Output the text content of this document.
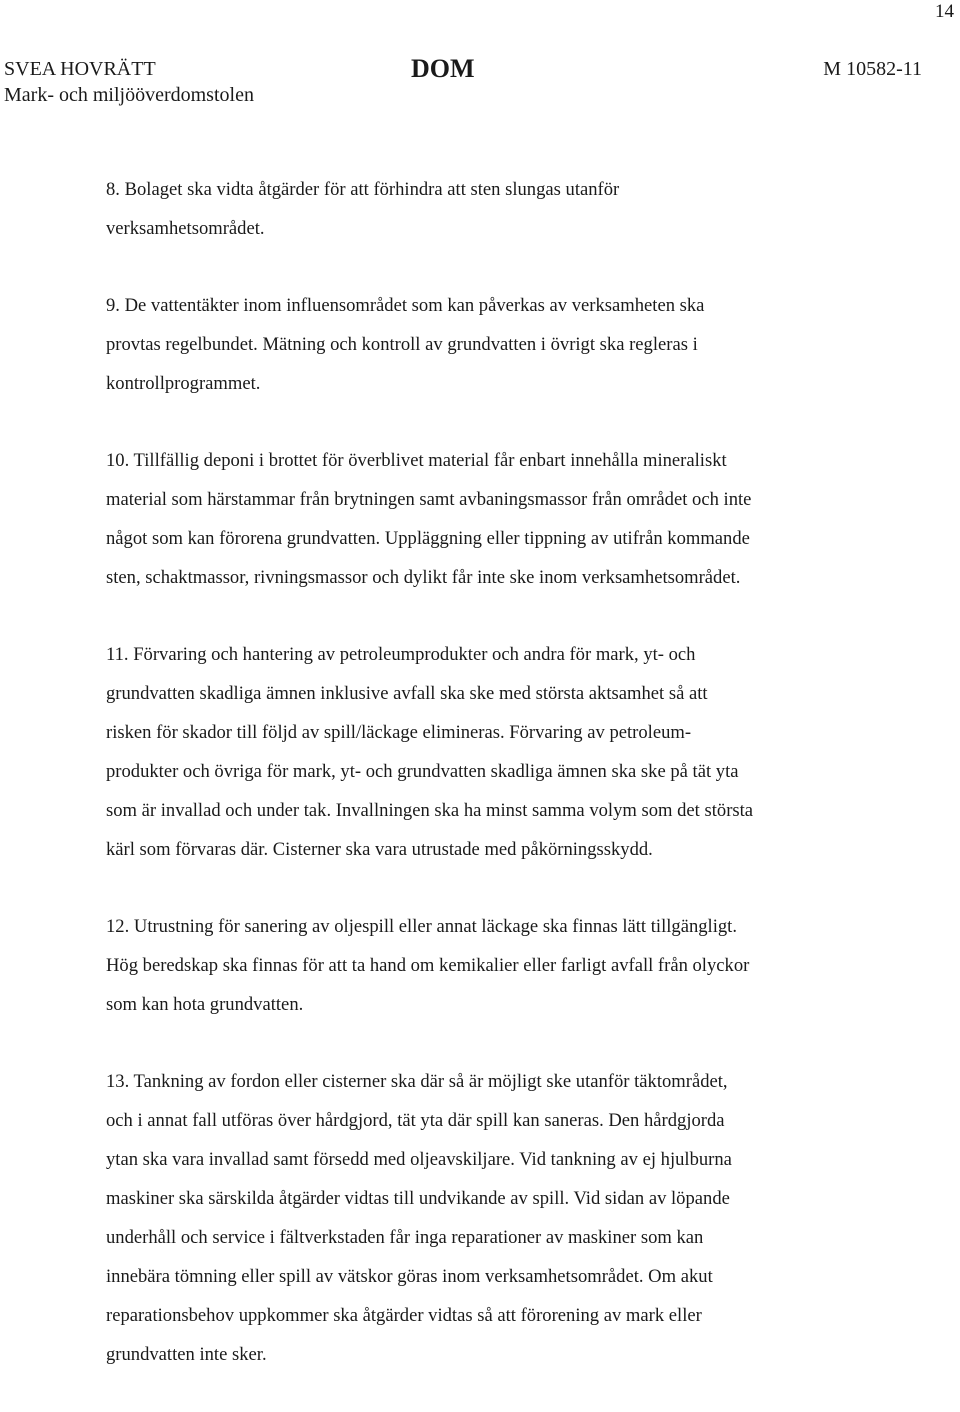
14
SVEA HOVRÄTT
Mark- och miljööverdomstolen
DOM	M 10582-11
8. Bolaget ska vidta åtgärder för att förhindra att sten slungas utanför
verksamhetsområdet.
9. De vattentäkter inom influensområdet som kan påverkas av verksamheten ska
provtas regelbundet. Mätning och kontroll av grundvatten i övrigt ska regleras i
kontrollprogrammet.
10. Tillfällig deponi i brottet för överblivet material får enbart innehålla mineraliskt
material som härstammar från brytningen samt avbaningsmassor från området och inte
något som kan förorena grundvatten. Uppläggning eller tippning av utifrån kommande
sten, schaktmassor, rivningsmassor och dylikt får inte ske inom verksamhetsområdet.
11. Förvaring och hantering av petroleumprodukter och andra för mark, yt- och
grundvatten skadliga ämnen inklusive avfall ska ske med största aktsamhet så att
risken för skador till följd av spill/läckage elimineras. Förvaring av petroleum-
produkter och övriga för mark, yt- och grundvatten skadliga ämnen ska ske på tät yta
som är invallad och under tak. Invallningen ska ha minst samma volym som det största
kärl som förvaras där. Cisterner ska vara utrustade med påkörningsskydd.
12. Utrustning för sanering av oljespill eller annat läckage ska finnas lätt tillgängligt.
Hög beredskap ska finnas för att ta hand om kemikalier eller farligt avfall från olyckor
som kan hota grundvatten.
13. Tankning av fordon eller cisterner ska där så är möjligt ske utanför täktområdet,
och i annat fall utföras över hårdgjord, tät yta där spill kan saneras. Den hårdgjorda
ytan ska vara invallad samt försedd med oljeavskiljare. Vid tankning av ej hjulburna
maskiner ska särskilda åtgärder vidtas till undvikande av spill. Vid sidan av löpande
underhåll och service i fältverkstaden får inga reparationer av maskiner som kan
innebära tömning eller spill av vätskor göras inom verksamhetsområdet. Om akut
reparationsbehov uppkommer ska åtgärder vidtas så att förorening av mark eller
grundvatten inte sker.
